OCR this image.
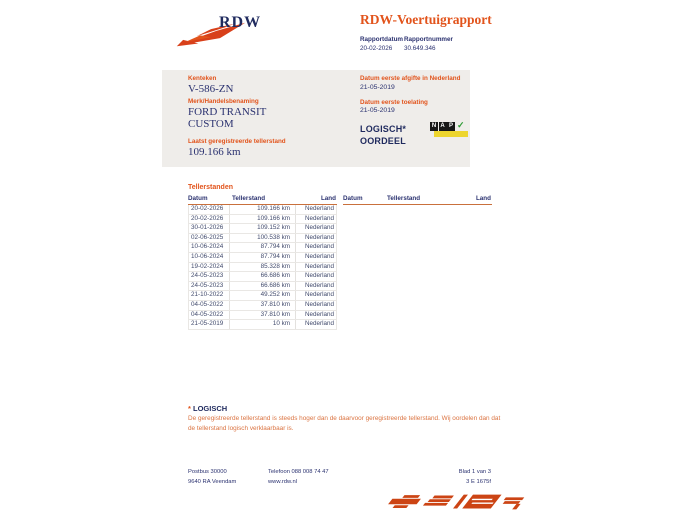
RDW	RDW-Voertuigrapport
Rapportdatum
20-02-2026
Rapportnummer
30.649.346
Kenteken
V-586-ZN
Merk/Handelsbenaming
FORD TRANSIT
CUSTOM
Laatst geregistreerde tellerstand
109.166 km
Datum eerste afgifte in Nederland
21-05-2019
Datum eerste toelating
21-05-2019
LOGISCH*
OORDEEL
N A P ✓
Tellerstanden
Datum	Tellerstand	Land
20-02-2026	109.166 km	Nederland
20-02-2026	109.166 km	Nederland
30-01-2026	109.152 km	Nederland
02-06-2025	100.538 km	Nederland
10-06-2024	87.794 km	Nederland
10-06-2024	87.794 km	Nederland
19-02-2024	85.328 km	Nederland
24-05-2023	66.686 km	Nederland
24-05-2023	66.686 km	Nederland
21-10-2022	49.252 km	Nederland
04-05-2022	37.810 km	Nederland
04-05-2022	37.810 km	Nederland
21-05-2019	10 km	Nederland
Datum	Tellerstand	Land
* LOGISCH
De geregistreerde tellerstand is steeds hoger dan de daarvoor geregistreerde tellerstand. Wij oordelen dan dat de tellerstand logisch verklaarbaar is.
Postbus 30000
9640 RA Veendam
Telefoon 088 008 74 47
www.rdw.nl
Blad 1 van 3
3 E 1675f
